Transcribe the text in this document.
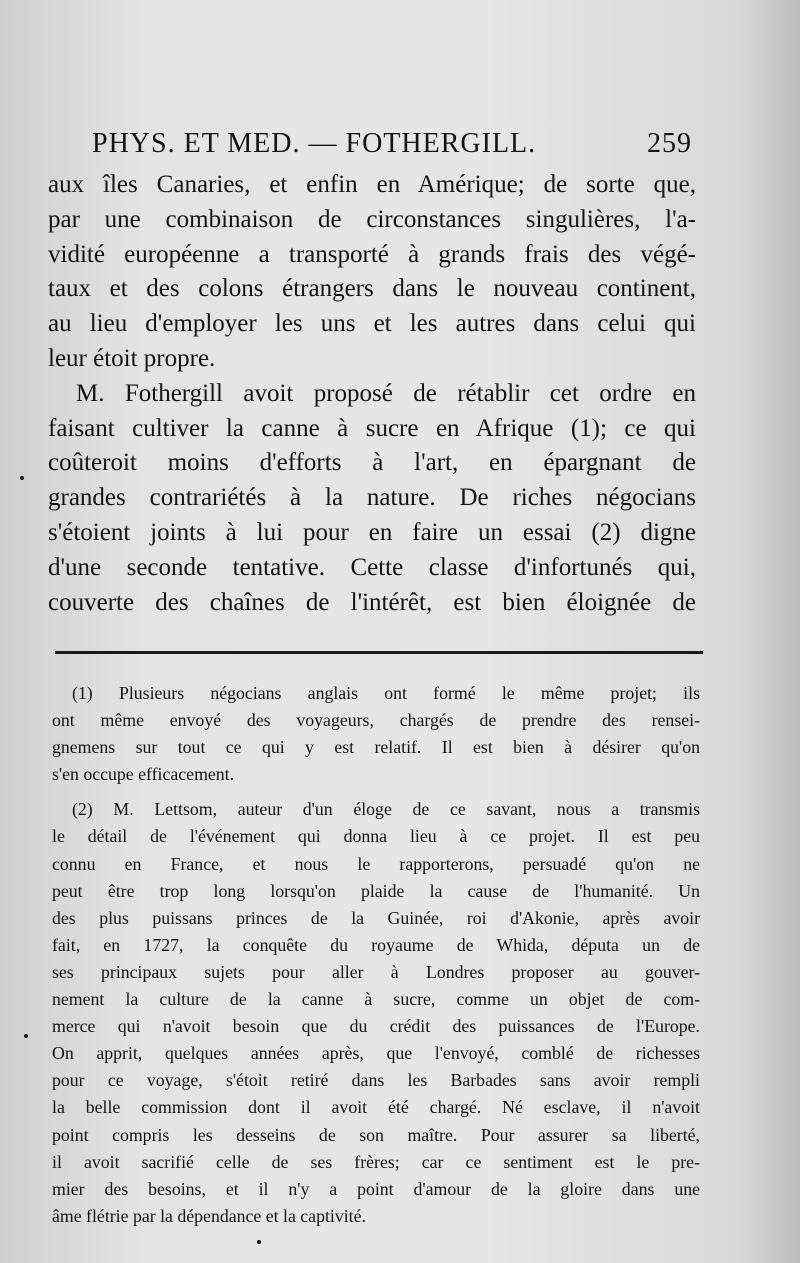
PHYS. ET MED. — FOTHERGILL.	259
aux îles Canaries, et enfin en Amérique; de sorte que,
par une combinaison de circonstances singulières, l'a-
vidité européenne a transporté à grands frais des végé-
taux et des colons étrangers dans le nouveau continent,
au lieu d'employer les uns et les autres dans celui qui
leur étoit propre.
M. Fothergill avoit proposé de rétablir cet ordre en
faisant cultiver la canne à sucre en Afrique (1); ce qui
coûteroit moins d'efforts à l'art, en épargnant de
grandes contrariétés à la nature. De riches négocians
s'étoient joints à lui pour en faire un essai (2) digne
d'une seconde tentative. Cette classe d'infortunés qui,
couverte des chaînes de l'intérêt, est bien éloignée de
(1) Plusieurs négocians anglais ont formé le même projet; ils
ont même envoyé des voyageurs, chargés de prendre des rensei-
gnemens sur tout ce qui y est relatif. Il est bien à désirer qu'on
s'en occupe efficacement.
(2) M. Lettsom, auteur d'un éloge de ce savant, nous a transmis
le détail de l'événement qui donna lieu à ce projet. Il est peu
connu en France, et nous le rapporterons, persuadé qu'on ne
peut être trop long lorsqu'on plaide la cause de l'humanité. Un
des plus puissans princes de la Guinée, roi d'Akonie, après avoir
fait, en 1727, la conquête du royaume de Whida, députa un de
ses principaux sujets pour aller à Londres proposer au gouver-
nement la culture de la canne à sucre, comme un objet de com-
merce qui n'avoit besoin que du crédit des puissances de l'Europe.
On apprit, quelques années après, que l'envoyé, comblé de richesses
pour ce voyage, s'étoit retiré dans les Barbades sans avoir rempli
la belle commission dont il avoit été chargé. Né esclave, il n'avoit
point compris les desseins de son maître. Pour assurer sa liberté,
il avoit sacrifié celle de ses frères; car ce sentiment est le pre-
mier des besoins, et il n'y a point d'amour de la gloire dans une
âme flétrie par la dépendance et la captivité.
